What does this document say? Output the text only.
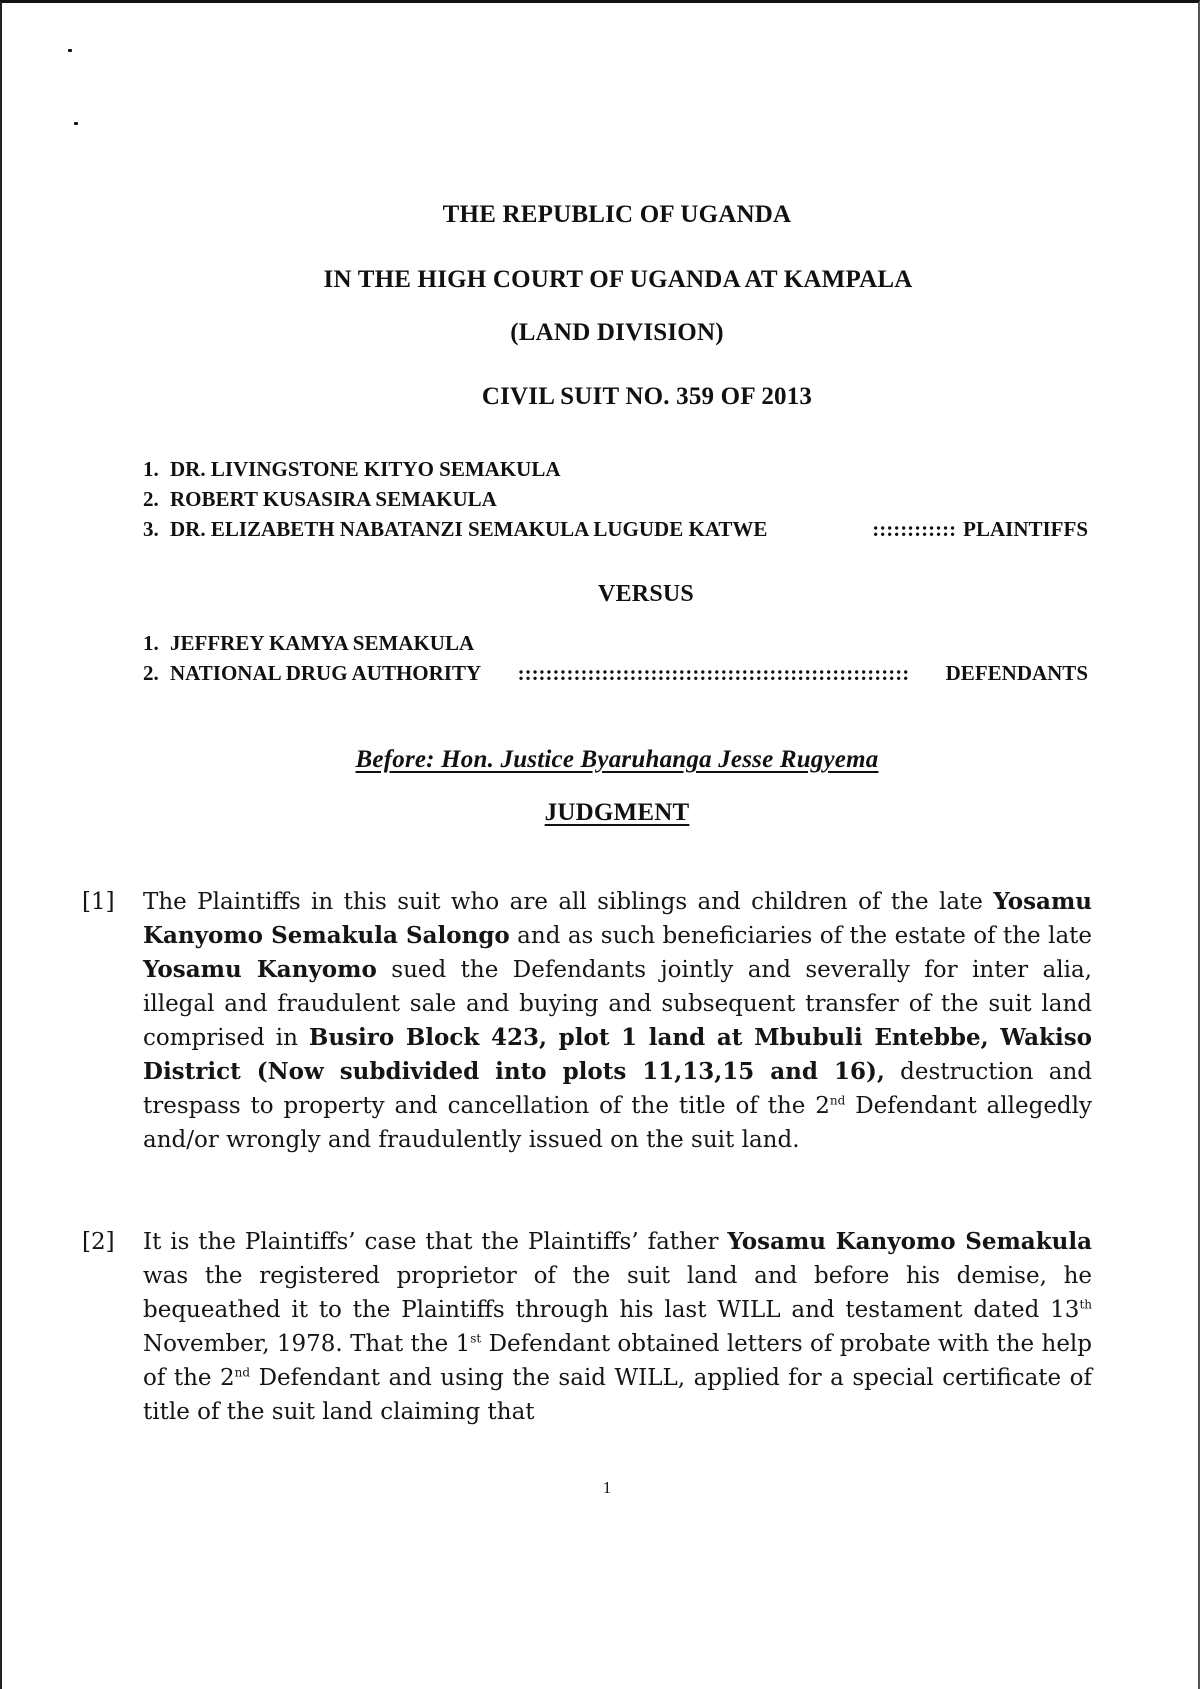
THE REPUBLIC OF UGANDA
IN THE HIGH COURT OF UGANDA AT KAMPALA
(LAND DIVISION)
CIVIL SUIT NO. 359 OF 2013
1. DR. LIVINGSTONE KITYO SEMAKULA
2. ROBERT KUSASIRA SEMAKULA
3. DR. ELIZABETH NABATANZI SEMAKULA LUGUDE KATWE	:::::::::::: PLAINTIFFS
VERSUS
1. JEFFREY KAMYA SEMAKULA
2. NATIONAL DRUG AUTHORITY	::::::::::::::::::::::::::::::::::::::::::::::::::::::::	DEFENDANTS
Before: Hon. Justice Byaruhanga Jesse Rugyema
JUDGMENT
[1]	The Plaintiffs in this suit who are all siblings and children of the late Yosamu Kanyomo Semakula Salongo and as such beneficiaries of the estate of the late Yosamu Kanyomo sued the Defendants jointly and severally for inter alia, illegal and fraudulent sale and buying and subsequent transfer of the suit land comprised in Busiro Block 423, plot 1 land at Mbubuli Entebbe, Wakiso District (Now subdivided into plots 11,13,15 and 16), destruction and trespass to property and cancellation of the title of the 2nd Defendant allegedly and/or wrongly and fraudulently issued on the suit land.
[2]	It is the Plaintiffs’ case that the Plaintiffs’ father Yosamu Kanyomo Semakula was the registered proprietor of the suit land and before his demise, he bequeathed it to the Plaintiffs through his last WILL and testament dated 13th November, 1978. That the 1st Defendant obtained letters of probate with the help of the 2nd Defendant and using the said WILL, applied for a special certificate of title of the suit land claiming that
1
